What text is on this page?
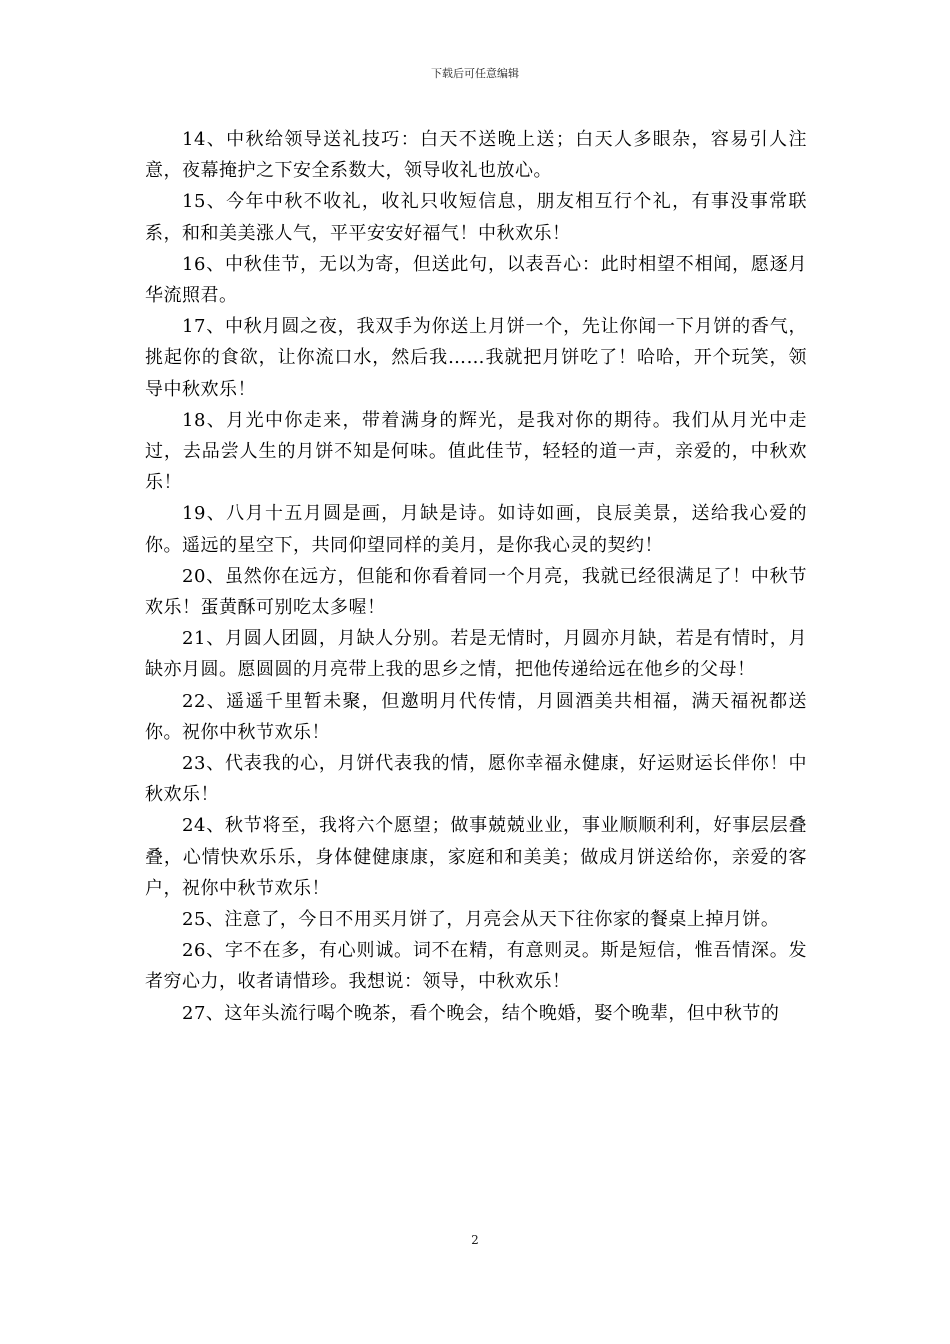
下载后可任意编辑

14、中秋给领导送礼技巧：白天不送晚上送；白天人多眼杂，容易引人注意，夜幕掩护之下安全系数大，领导收礼也放心。

15、今年中秋不收礼，收礼只收短信息，朋友相互行个礼，有事没事常联系，和和美美涨人气，平平安安好福气！中秋欢乐！

16、中秋佳节，无以为寄，但送此句，以表吾心：此时相望不相闻，愿逐月华流照君。

17、中秋月圆之夜，我双手为你送上月饼一个，先让你闻一下月饼的香气，挑起你的食欲，让你流口水，然后我……我就把月饼吃了！哈哈，开个玩笑，领导中秋欢乐！

18、月光中你走来，带着满身的辉光，是我对你的期待。我们从月光中走过，去品尝人生的月饼不知是何味。值此佳节，轻轻的道一声，亲爱的，中秋欢乐！

19、八月十五月圆是画，月缺是诗。如诗如画，良辰美景，送给我心爱的你。遥远的星空下，共同仰望同样的美月，是你我心灵的契约！

20、虽然你在远方，但能和你看着同一个月亮，我就已经很满足了！中秋节欢乐！蛋黄酥可别吃太多喔！

21、月圆人团圆，月缺人分别。若是无情时，月圆亦月缺，若是有情时，月缺亦月圆。愿圆圆的月亮带上我的思乡之情，把他传递给远在他乡的父母！

22、遥遥千里暂未聚，但邀明月代传情，月圆酒美共相福，满天福祝都送你。祝你中秋节欢乐！

23、代表我的心，月饼代表我的情，愿你幸福永健康，好运财运长伴你！中秋欢乐！

24、秋节将至，我将六个愿望；做事兢兢业业，事业顺顺利利，好事层层叠叠，心情快欢乐乐，身体健健康康，家庭和和美美；做成月饼送给你，亲爱的客户，祝你中秋节欢乐！

25、注意了，今日不用买月饼了，月亮会从天下往你家的餐桌上掉月饼。

26、字不在多，有心则诚。词不在精，有意则灵。斯是短信，惟吾情深。发者穷心力，收者请惜珍。我想说：领导，中秋欢乐！

27、这年头流行喝个晚茶，看个晚会，结个晚婚，娶个晚辈，但中秋节的

2
